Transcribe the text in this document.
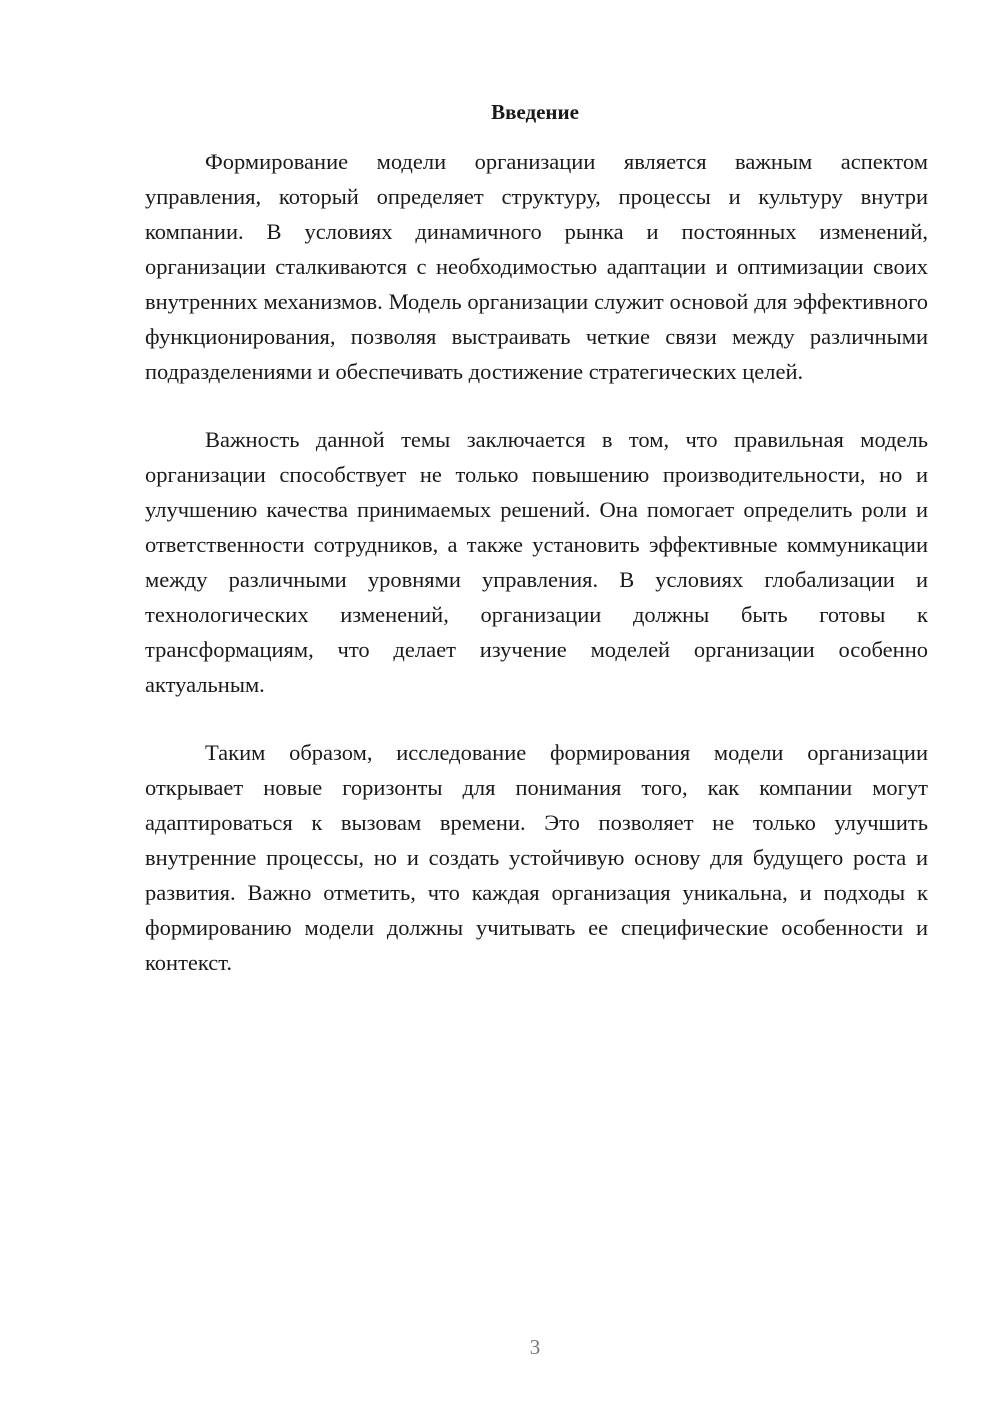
Введение

Формирование модели организации является важным аспектом управления, который определяет структуру, процессы и культуру внутри компании. В условиях динамичного рынка и постоянных изменений, организации сталкиваются с необходимостью адаптации и оптимизации своих внутренних механизмов. Модель организации служит основой для эффективного функционирования, позволяя выстраивать четкие связи между различными подразделениями и обеспечивать достижение стратегических целей.

Важность данной темы заключается в том, что правильная модель организации способствует не только повышению производительности, но и улучшению качества принимаемых решений. Она помогает определить роли и ответственности сотрудников, а также установить эффективные коммуникации между различными уровнями управления. В условиях глобализации и технологических изменений, организации должны быть готовы к трансформациям, что делает изучение моделей организации особенно актуальным.

Таким образом, исследование формирования модели организации открывает новые горизонты для понимания того, как компании могут адаптироваться к вызовам времени. Это позволяет не только улучшить внутренние процессы, но и создать устойчивую основу для будущего роста и развития. Важно отметить, что каждая организация уникальна, и подходы к формированию модели должны учитывать ее специфические особенности и контекст.

3
